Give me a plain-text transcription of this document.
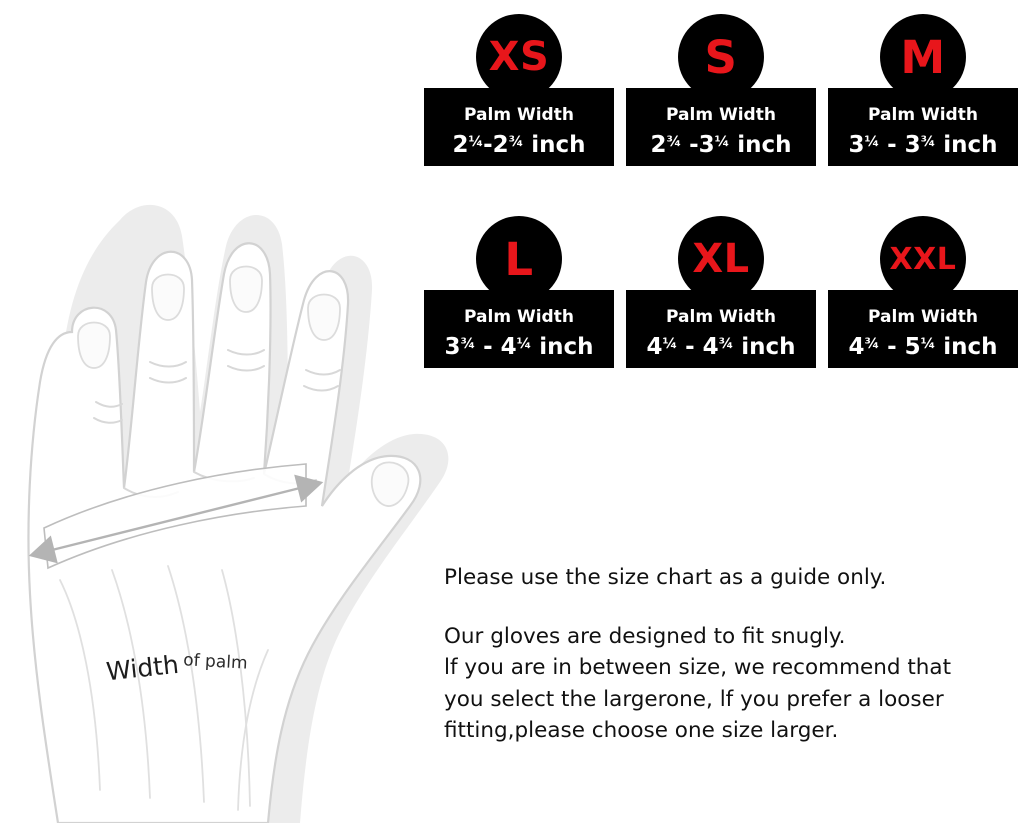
Width of palm
XS
Palm Width
$2^{\frac{1}{4}}-2^{\frac{3}{4}}$ inch
S
Palm Width
$2^{\frac{3}{4}}$ $-3^{\frac{1}{4}}$ inch
M
Palm Width
$3^{\frac{1}{4}} - 3^{\frac{3}{4}}$ inch
L
Palm Width
$3^{\frac{3}{4}} - 4^{\frac{1}{4}}$ inch
XL
Palm Width
$4^{\frac{1}{4}} - 4^{\frac{3}{4}}$ inch
XXL
Palm Width
$4^{\frac{3}{4}} - 5^{\frac{1}{4}}$ inch

Please use the size chart as a guide only.

Our gloves are designed to fit snugly.
lf you are in between size, we recommend that
you select the largerone, lf you prefer a looser
fitting,please choose one size larger.
